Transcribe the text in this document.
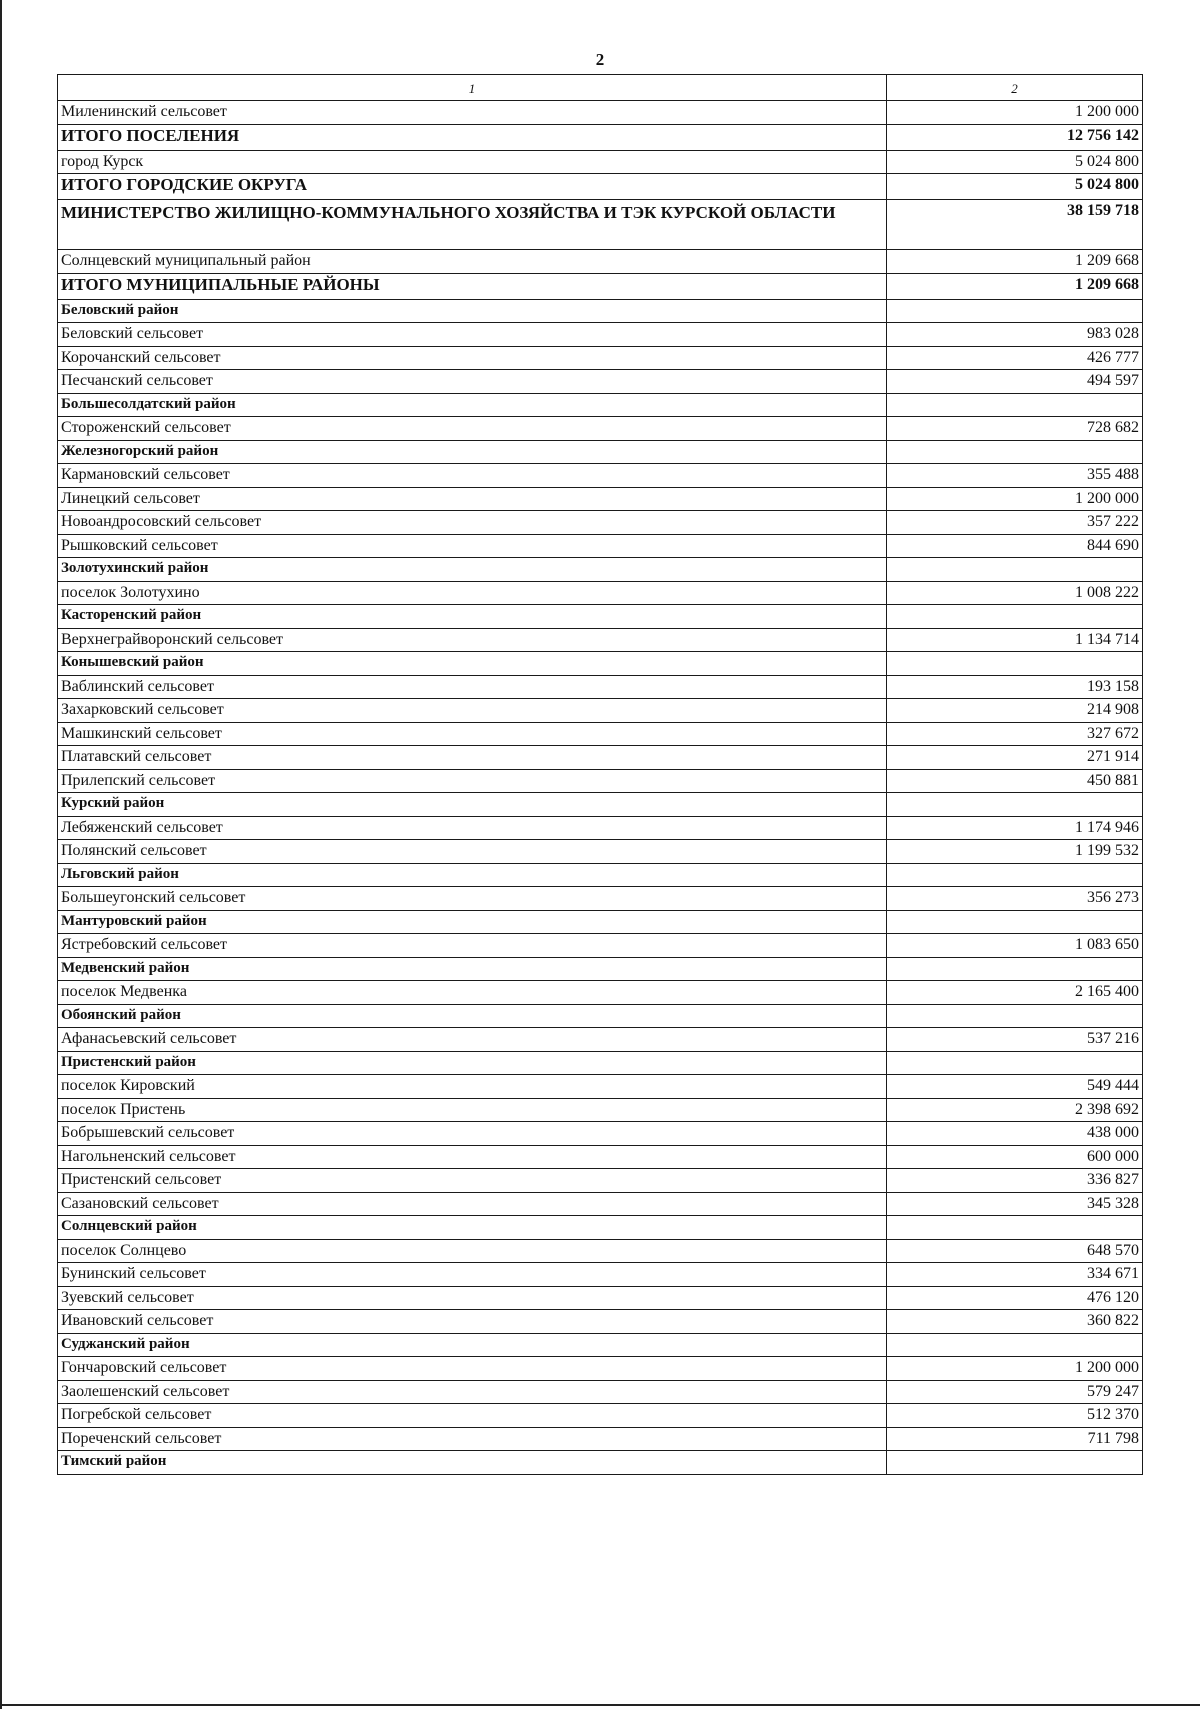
2
1	2
Миленинский сельсовет	1 200 000
ИТОГО ПОСЕЛЕНИЯ	12 756 142
город Курск	5 024 800
ИТОГО ГОРОДСКИЕ ОКРУГА	5 024 800
МИНИСТЕРСТВО ЖИЛИЩНО-КОММУНАЛЬНОГО ХОЗЯЙСТВА И ТЭК КУРСКОЙ ОБЛАСТИ	38 159 718
Солнцевский муниципальный район	1 209 668
ИТОГО МУНИЦИПАЛЬНЫЕ РАЙОНЫ	1 209 668
Беловский район	
Беловский сельсовет	983 028
Корочанский сельсовет	426 777
Песчанский сельсовет	494 597
Большесолдатский район	
Стороженский сельсовет	728 682
Железногорский район	
Кармановский сельсовет	355 488
Линецкий сельсовет	1 200 000
Новоандросовский сельсовет	357 222
Рышковский сельсовет	844 690
Золотухинский район	
поселок Золотухино	1 008 222
Касторенский район	
Верхнеграйворонский сельсовет	1 134 714
Конышевский район	
Ваблинский сельсовет	193 158
Захарковский сельсовет	214 908
Машкинский сельсовет	327 672
Платавский сельсовет	271 914
Прилепский сельсовет	450 881
Курский район	
Лебяженский сельсовет	1 174 946
Полянский сельсовет	1 199 532
Льговский район	
Большеугонский сельсовет	356 273
Мантуровский район	
Ястребовский сельсовет	1 083 650
Медвенский район	
поселок Медвенка	2 165 400
Обоянский район	
Афанасьевский сельсовет	537 216
Пристенский район	
поселок Кировский	549 444
поселок Пристень	2 398 692
Бобрышевский сельсовет	438 000
Нагольненский сельсовет	600 000
Пристенский сельсовет	336 827
Сазановский сельсовет	345 328
Солнцевский район	
поселок Солнцево	648 570
Бунинский сельсовет	334 671
Зуевский сельсовет	476 120
Ивановский сельсовет	360 822
Суджанский район	
Гончаровский сельсовет	1 200 000
Заолешенский сельсовет	579 247
Погребской сельсовет	512 370
Пореченский сельсовет	711 798
Тимский район	
